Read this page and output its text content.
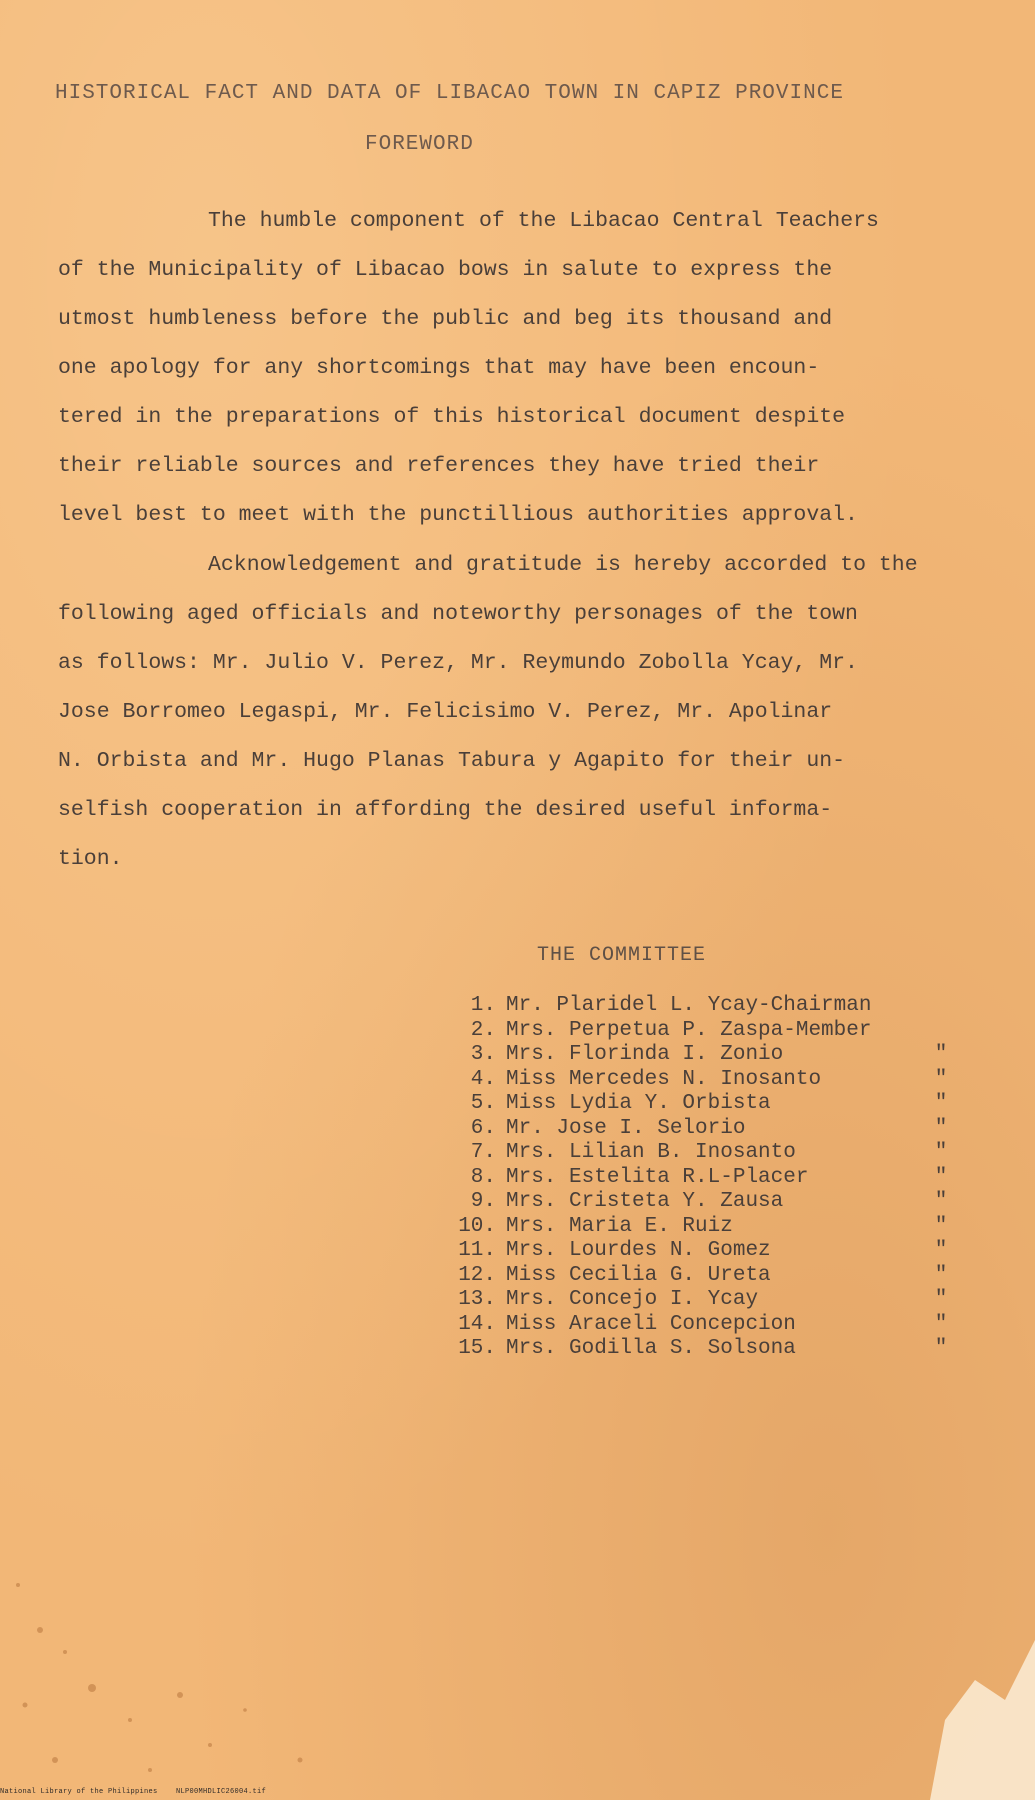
HISTORICAL FACT AND DATA OF LIBACAO TOWN IN CAPIZ PROVINCE
FOREWORD
The humble component of the Libacao Central Teachers
of the Municipality of Libacao bows in salute to express the
utmost humbleness before the public and beg its thousand and
one apology for any shortcomings that may have been encoun-
tered in the preparations of this historical document despite
their reliable sources and references they have tried their
level best to meet with the punctillious authorities approval.
Acknowledgement and gratitude is hereby accorded to the
following aged officials and noteworthy personages of the town
as follows: Mr. Julio V. Perez, Mr. Reymundo Zobolla Ycay, Mr.
Jose Borromeo Legaspi, Mr. Felicisimo V. Perez, Mr. Apolinar
N. Orbista and Mr. Hugo Planas Tabura y Agapito for their un-
selfish cooperation in affording the desired useful informa-
tion.
THE COMMITTEE
1. Mr. Plaridel L. Ycay-Chairman
2. Mrs. Perpetua P. Zaspa-Member
3. Mrs. Florinda I. Zonio	"
4. Miss Mercedes N. Inosanto	"
5. Miss Lydia Y. Orbista	"
6. Mr. Jose I. Selorio	"
7. Mrs. Lilian B. Inosanto	"
8. Mrs. Estelita R.L-Placer	"
9. Mrs. Cristeta Y. Zausa	"
10. Mrs. Maria E. Ruiz	"
11. Mrs. Lourdes N. Gomez	"
12. Miss Cecilia G. Ureta	"
13. Mrs. Concejo I. Ycay	"
14. Miss Araceli Concepcion	"
15. Mrs. Godilla S. Solsona	"
National Library of the Philippines	NLP00MHDLIC26004.tif
